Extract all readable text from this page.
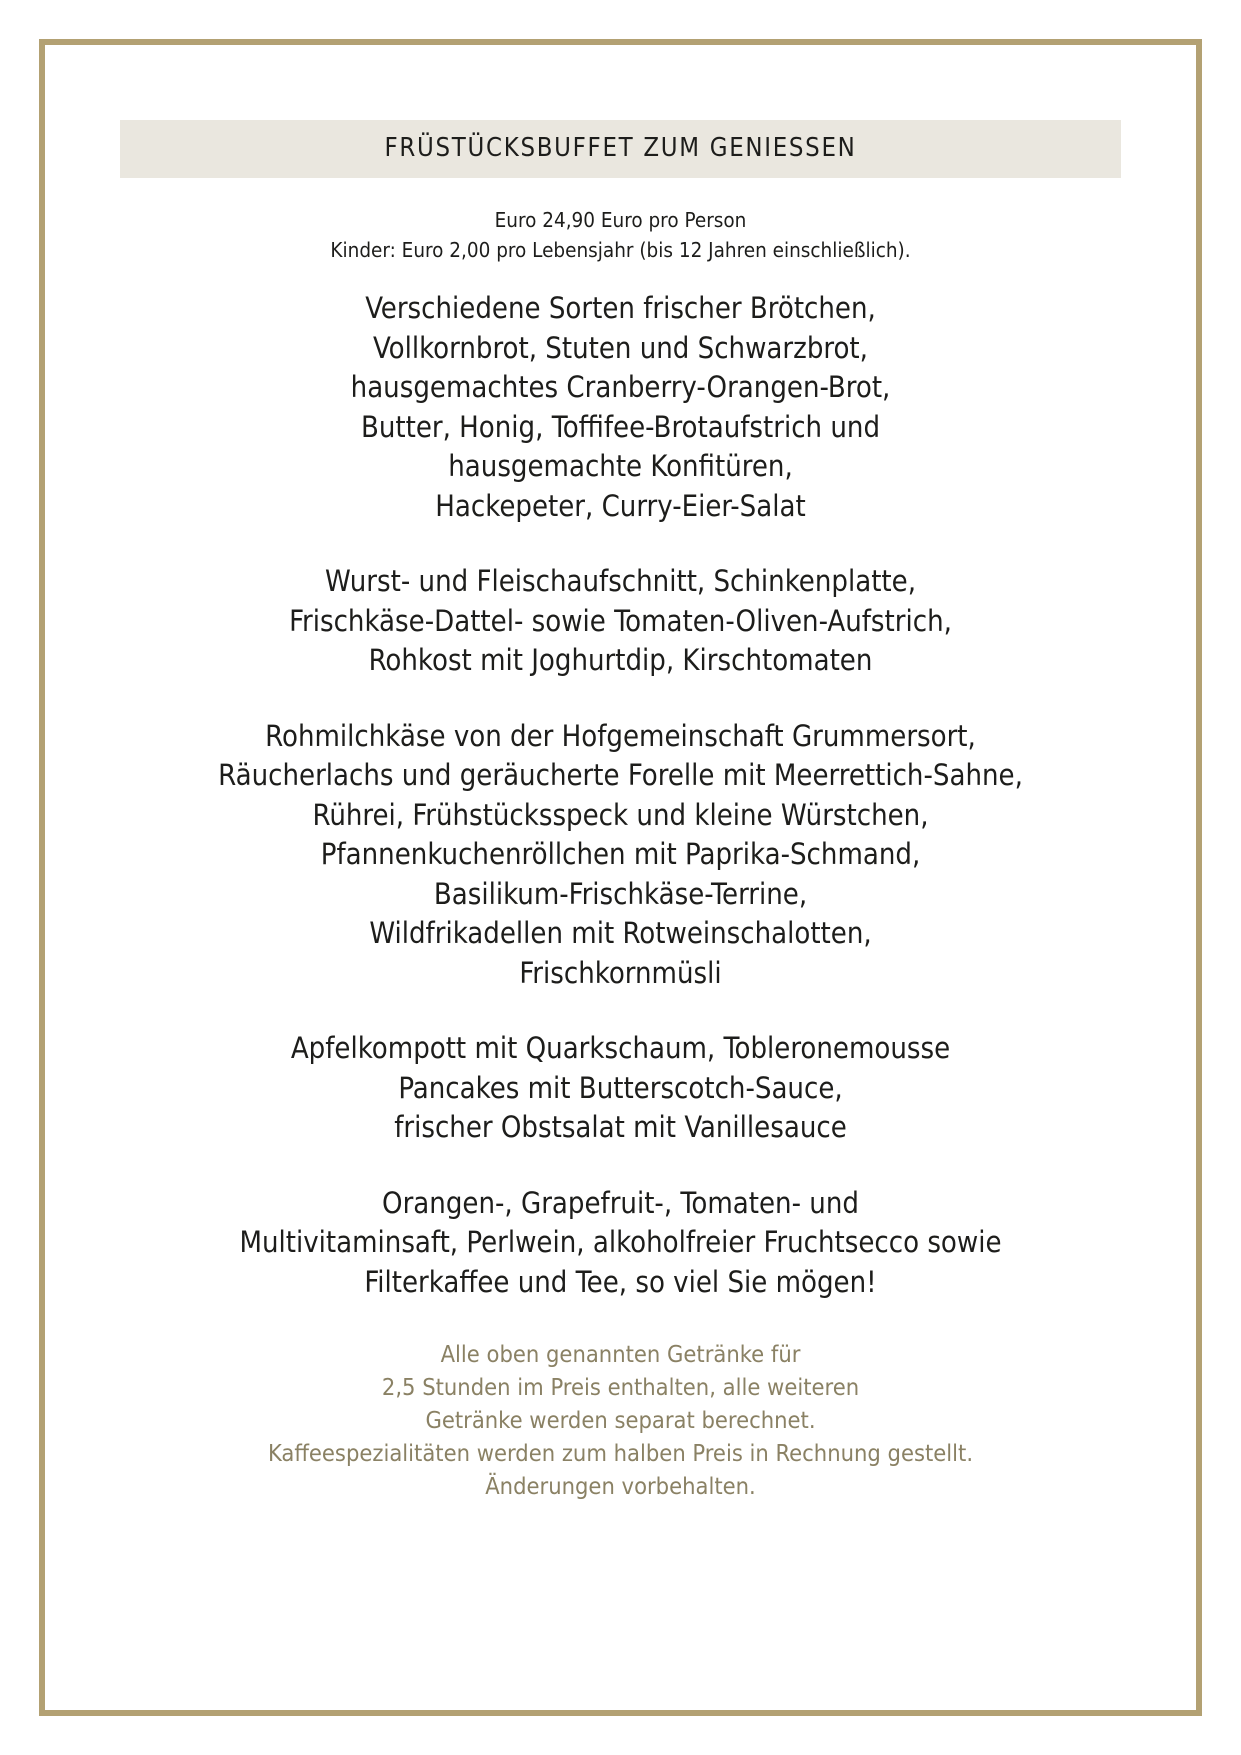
FRÜSTÜCKSBUFFET ZUM GENIESSEN
Euro 24,90 Euro pro Person
Kinder: Euro 2,00 pro Lebensjahr (bis 12 Jahren einschließlich).
Verschiedene Sorten frischer Brötchen,
Vollkornbrot, Stuten und Schwarzbrot,
hausgemachtes Cranberry-Orangen-Brot,
Butter, Honig, Toffifee-Brotaufstrich und
hausgemachte Konfitüren,
Hackepeter, Curry-Eier-Salat
Wurst- und Fleischaufschnitt, Schinkenplatte,
Frischkäse-Dattel- sowie Tomaten-Oliven-Aufstrich,
Rohkost mit Joghurtdip, Kirschtomaten
Rohmilchkäse von der Hofgemeinschaft Grummersort,
Räucherlachs und geräucherte Forelle mit Meerrettich-Sahne,
Rührei, Frühstücksspeck und kleine Würstchen,
Pfannenkuchenröllchen mit Paprika-Schmand,
Basilikum-Frischkäse-Terrine,
Wildfrikadellen mit Rotweinschalotten,
Frischkornmüsli
Apfelkompott mit Quarkschaum, Tobleronemousse
Pancakes mit Butterscotch-Sauce,
frischer Obstsalat mit Vanillesauce
Orangen-, Grapefruit-, Tomaten- und
Multivitaminsaft, Perlwein, alkoholfreier Fruchtsecco sowie
Filterkaffee und Tee, so viel Sie mögen!
Alle oben genannten Getränke für
2,5 Stunden im Preis enthalten, alle weiteren
Getränke werden separat berechnet.
Kaffeespezialitäten werden zum halben Preis in Rechnung gestellt.
Änderungen vorbehalten.
